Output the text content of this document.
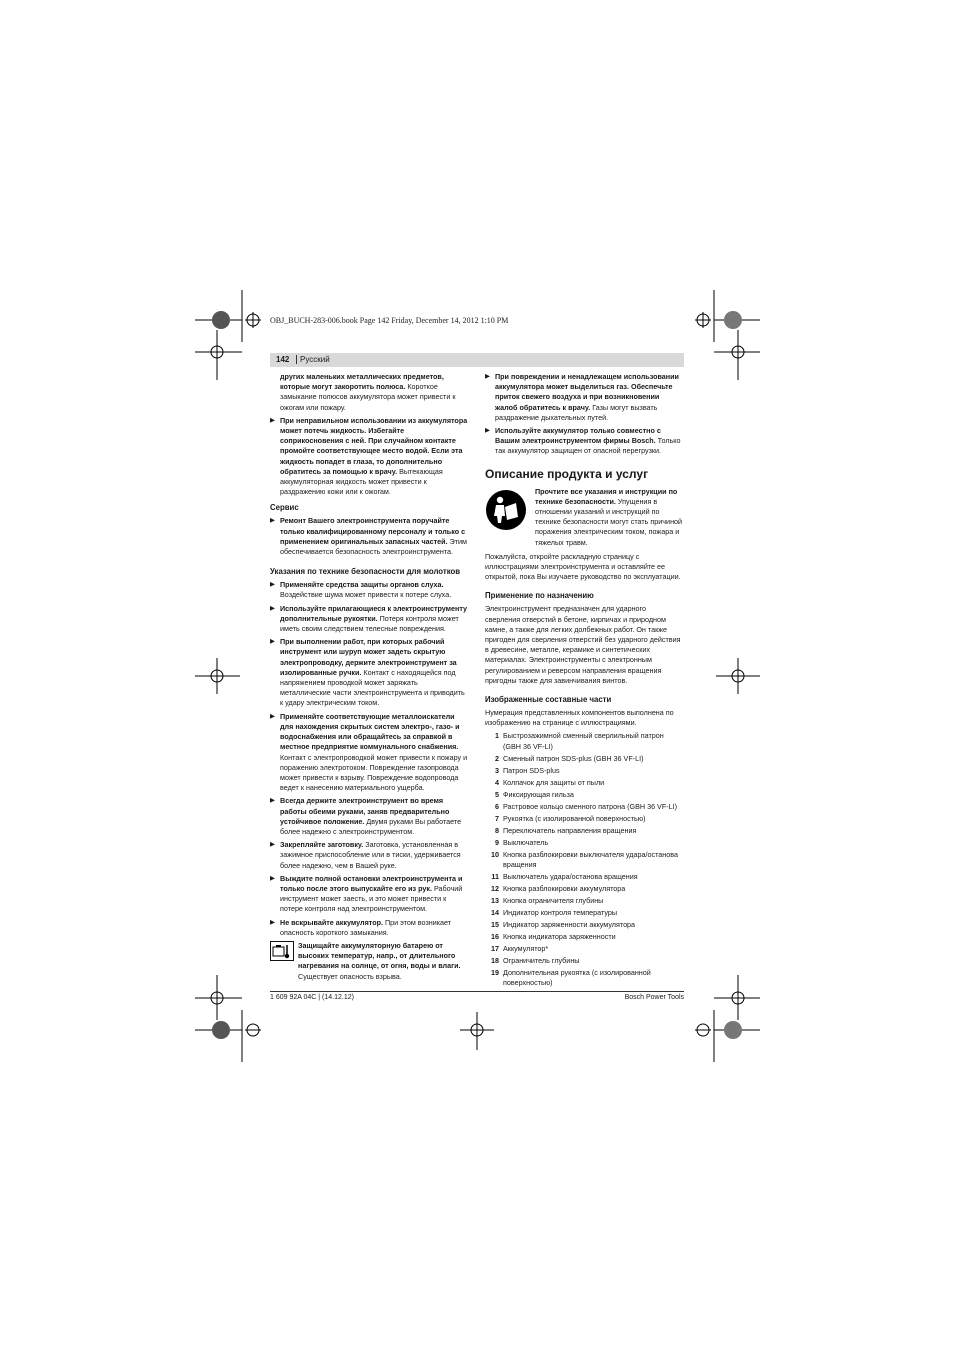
OBJ_BUCH-283-006.book Page 142 Friday, December 14, 2012 1:10 PM
142	Русский

других маленьких металлических предметов, которые могут закоротить полюса. Короткое замыкание полюсов аккумулятора может привести к ожогам или пожару.

▶ При неправильном использовании из аккумулятора может потечь жидкость. Избегайте соприкосновения с ней. При случайном контакте промойте соответствующее место водой. Если эта жидкость попадет в глаза, то дополнительно обратитесь за помощью к врачу. Вытекающая аккумуляторная жидкость может привести к раздражению кожи или к ожогам.
Сервис
▶ Ремонт Вашего электроинструмента поручайте только квалифицированному персоналу и только с применением оригинальных запасных частей. Этим обеспечивается безопасность электроинструмента.
Указания по технике безопасности для молотков
▶ Применяйте средства защиты органов слуха. Воздействие шума может привести к потере слуха.
▶ Используйте прилагающиеся к электроинструменту дополнительные рукоятки. Потеря контроля может иметь своим следствием телесные повреждения.
▶ При выполнении работ, при которых рабочий инструмент или шуруп может задеть скрытую электропроводку, держите электроинструмент за изолированные ручки. Контакт с находящейся под напряжением проводкой может заряжать металлические части электроинструмента и приводить к удару электрическим током.
▶ Применяйте соответствующие металлоискатели для нахождения скрытых систем электро-, газо- и водоснабжения или обращайтесь за справкой в местное предприятие коммунального снабжения. Контакт с электропроводкой может привести к пожару и поражению электротоком. Повреждение газопровода может привести к взрыву. Повреждение водопровода ведет к нанесению материального ущерба.
▶ Всегда держите электроинструмент во время работы обеими руками, заняв предварительно устойчивое положение. Двумя руками Вы работаете более надежно с электроинструментом.
▶ Закрепляйте заготовку. Заготовка, установленная в зажимное приспособление или в тиски, удерживается более надежно, чем в Вашей руке.
▶ Выждите полной остановки электроинструмента и только после этого выпускайте его из рук. Рабочий инструмент может заесть, и это может привести к потере контроля над электроинструментом.
▶ Не вскрывайте аккумулятор. При этом возникает опасность короткого замыкания.
Защищайте аккумуляторную батарею от высоких температур, напр., от длительного нагревания на солнце, от огня, воды и влаги. Существует опасность взрыва.
▶ При повреждении и ненадлежащем использовании аккумулятора может выделиться газ. Обеспечьте приток свежего воздуха и при возникновении жалоб обратитесь к врачу. Газы могут вызвать раздражение дыхательных путей.
▶ Используйте аккумулятор только совместно с Вашим электроинструментом фирмы Bosch. Только так аккумулятор защищен от опасной перегрузки.
Описание продукта и услуг
Прочтите все указания и инструкции по технике безопасности. Упущения в отношении указаний и инструкций по технике безопасности могут стать причиной поражения электрическим током, пожара и тяжелых травм.

Пожалуйста, откройте раскладную страницу с иллюстрациями электроинструмента и оставляйте ее открытой, пока Вы изучаете руководство по эксплуатации.

Применение по назначению

Электроинструмент предназначен для ударного сверления отверстий в бетоне, кирпичах и природном камне, а также для легких долбежных работ. Он также пригоден для сверления отверстий без ударного действия в древесине, металле, керамике и синтетических материалах. Электроинструменты с электронным регулированием и реверсом направления вращения пригодны также для завинчивания винтов.

Изображенные составные части

Нумерация представленных компонентов выполнена по изображению на странице с иллюстрациями.

1 Быстрозажимной сменный сверлильный патрон (GBH 36 VF-LI)
2 Сменный патрон SDS-plus (GBH 36 VF-LI)
3 Патрон SDS-plus
4 Колпачок для защиты от пыли
5 Фиксирующая гильза
6 Растровое кольцо сменного патрона (GBH 36 VF-LI)
7 Рукоятка (с изолированной поверхностью)
8 Переключатель направления вращения
9 Выключатель
10 Кнопка разблокировки выключателя удара/останова вращения
11 Выключатель удара/останова вращения
12 Кнопка разблокировки аккумулятора
13 Кнопка ограничителя глубины
14 Индикатор контроля температуры
15 Индикатор заряженности аккумулятора
16 Кнопка индикатора заряженности
17 Аккумулятор*
18 Ограничитель глубины
19 Дополнительная рукоятка (с изолированной поверхностью)
1 609 92A 04C | (14.12.12)	Bosch Power Tools
